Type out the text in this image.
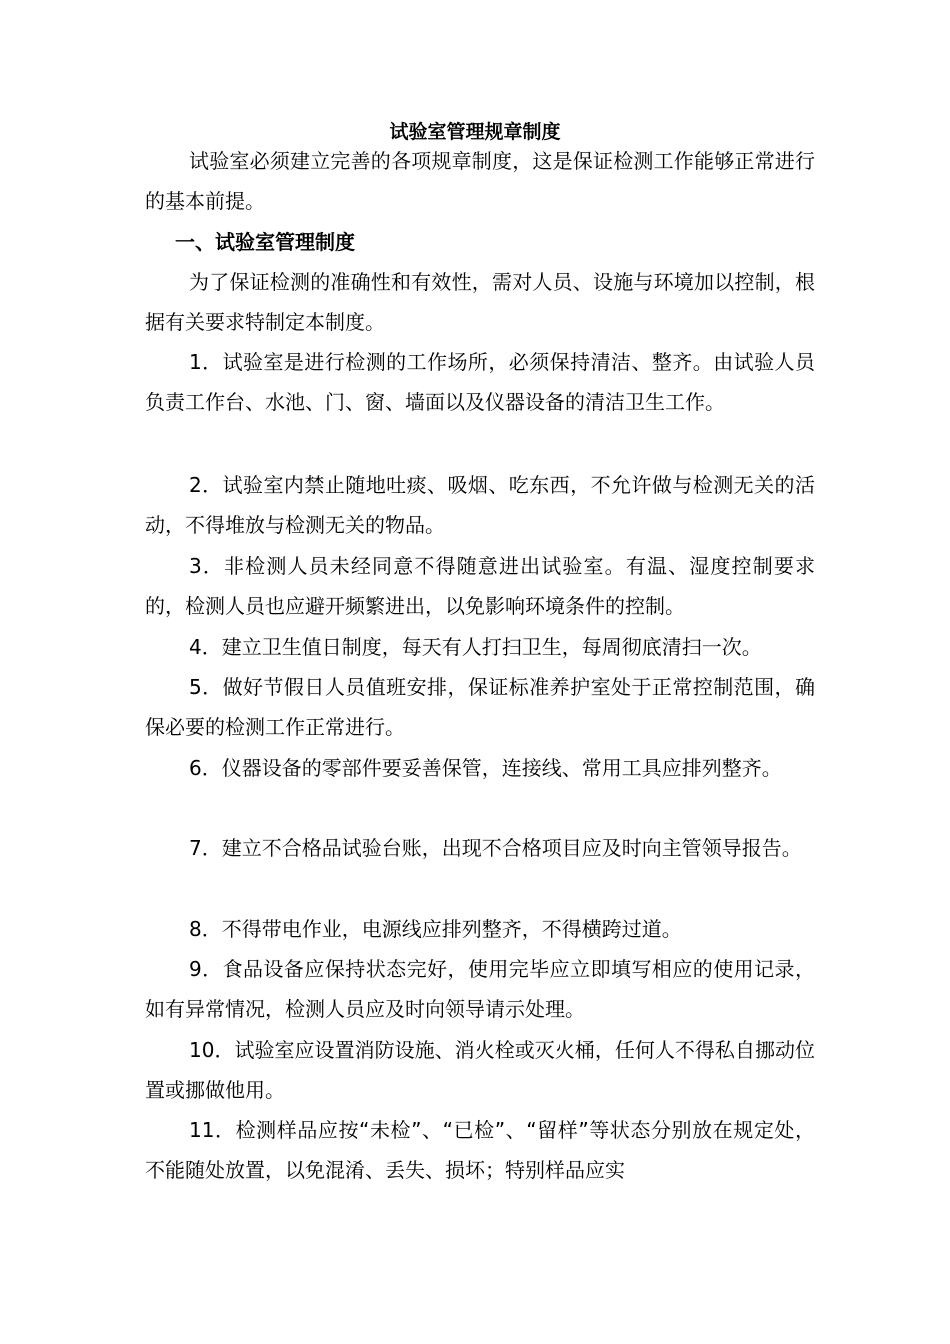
试验室管理规章制度
试验室必须建立完善的各项规章制度，这是保证检测工作能够正常进行的基本前提。
一、试验室管理制度
为了保证检测的准确性和有效性，需对人员、设施与环境加以控制，根据有关要求特制定本制度。
1．试验室是进行检测的工作场所，必须保持清洁、整齐。由试验人员负责工作台、水池、门、窗、墙面以及仪器设备的清洁卫生工作。
2．试验室内禁止随地吐痰、吸烟、吃东西，不允许做与检测无关的活动，不得堆放与检测无关的物品。
3．非检测人员未经同意不得随意进出试验室。有温、湿度控制要求的，检测人员也应避开频繁进出，以免影响环境条件的控制。
4．建立卫生值日制度，每天有人打扫卫生，每周彻底清扫一次。
5．做好节假日人员值班安排，保证标准养护室处于正常控制范围，确保必要的检测工作正常进行。
6．仪器设备的零部件要妥善保管，连接线、常用工具应排列整齐。
7．建立不合格品试验台账，出现不合格项目应及时向主管领导报告。
8．不得带电作业，电源线应排列整齐，不得横跨过道。
9．食品设备应保持状态完好，使用完毕应立即填写相应的使用记录，如有异常情况，检测人员应及时向领导请示处理。
10．试验室应设置消防设施、消火栓或灭火桶，任何人不得私自挪动位置或挪做他用。
11．检测样品应按“未检”、“已检”、“留样”等状态分别放在规定处，不能随处放置，以免混淆、丢失、损坏；特别样品应实
